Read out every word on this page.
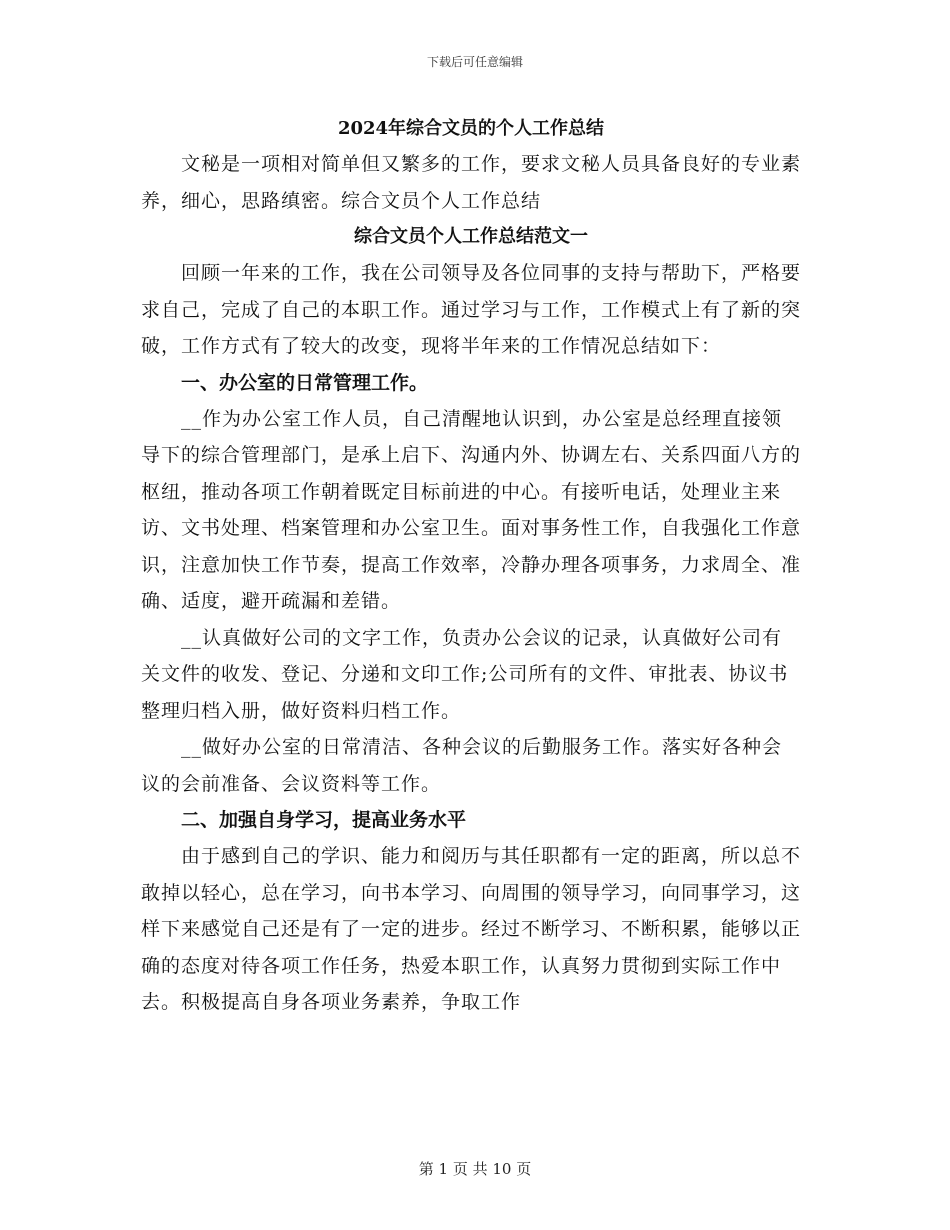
下载后可任意编辑
2024年综合文员的个人工作总结

文秘是一项相对简单但又繁多的工作，要求文秘人员具备良好的专业素养，细心，思路缜密。综合文员个人工作总结

综合文员个人工作总结范文一

回顾一年来的工作，我在公司领导及各位同事的支持与帮助下，严格要求自己，完成了自己的本职工作。通过学习与工作，工作模式上有了新的突破，工作方式有了较大的改变，现将半年来的工作情况总结如下：

一、办公室的日常管理工作。

__作为办公室工作人员，自己清醒地认识到，办公室是总经理直接领导下的综合管理部门，是承上启下、沟通内外、协调左右、关系四面八方的枢纽，推动各项工作朝着既定目标前进的中心。有接听电话，处理业主来访、文书处理、档案管理和办公室卫生。面对事务性工作，自我强化工作意识，注意加快工作节奏，提高工作效率，冷静办理各项事务，力求周全、准确、适度，避开疏漏和差错。

__认真做好公司的文字工作，负责办公会议的记录，认真做好公司有关文件的收发、登记、分递和文印工作;公司所有的文件、审批表、协议书整理归档入册，做好资料归档工作。

__做好办公室的日常清洁、各种会议的后勤服务工作。落实好各种会议的会前准备、会议资料等工作。

二、加强自身学习，提高业务水平

由于感到自己的学识、能力和阅历与其任职都有一定的距离，所以总不敢掉以轻心，总在学习，向书本学习、向周围的领导学习，向同事学习，这样下来感觉自己还是有了一定的进步。经过不断学习、不断积累，能够以正确的态度对待各项工作任务，热爱本职工作，认真努力贯彻到实际工作中去。积极提高自身各项业务素养，争取工作

第 1 页 共 10 页
